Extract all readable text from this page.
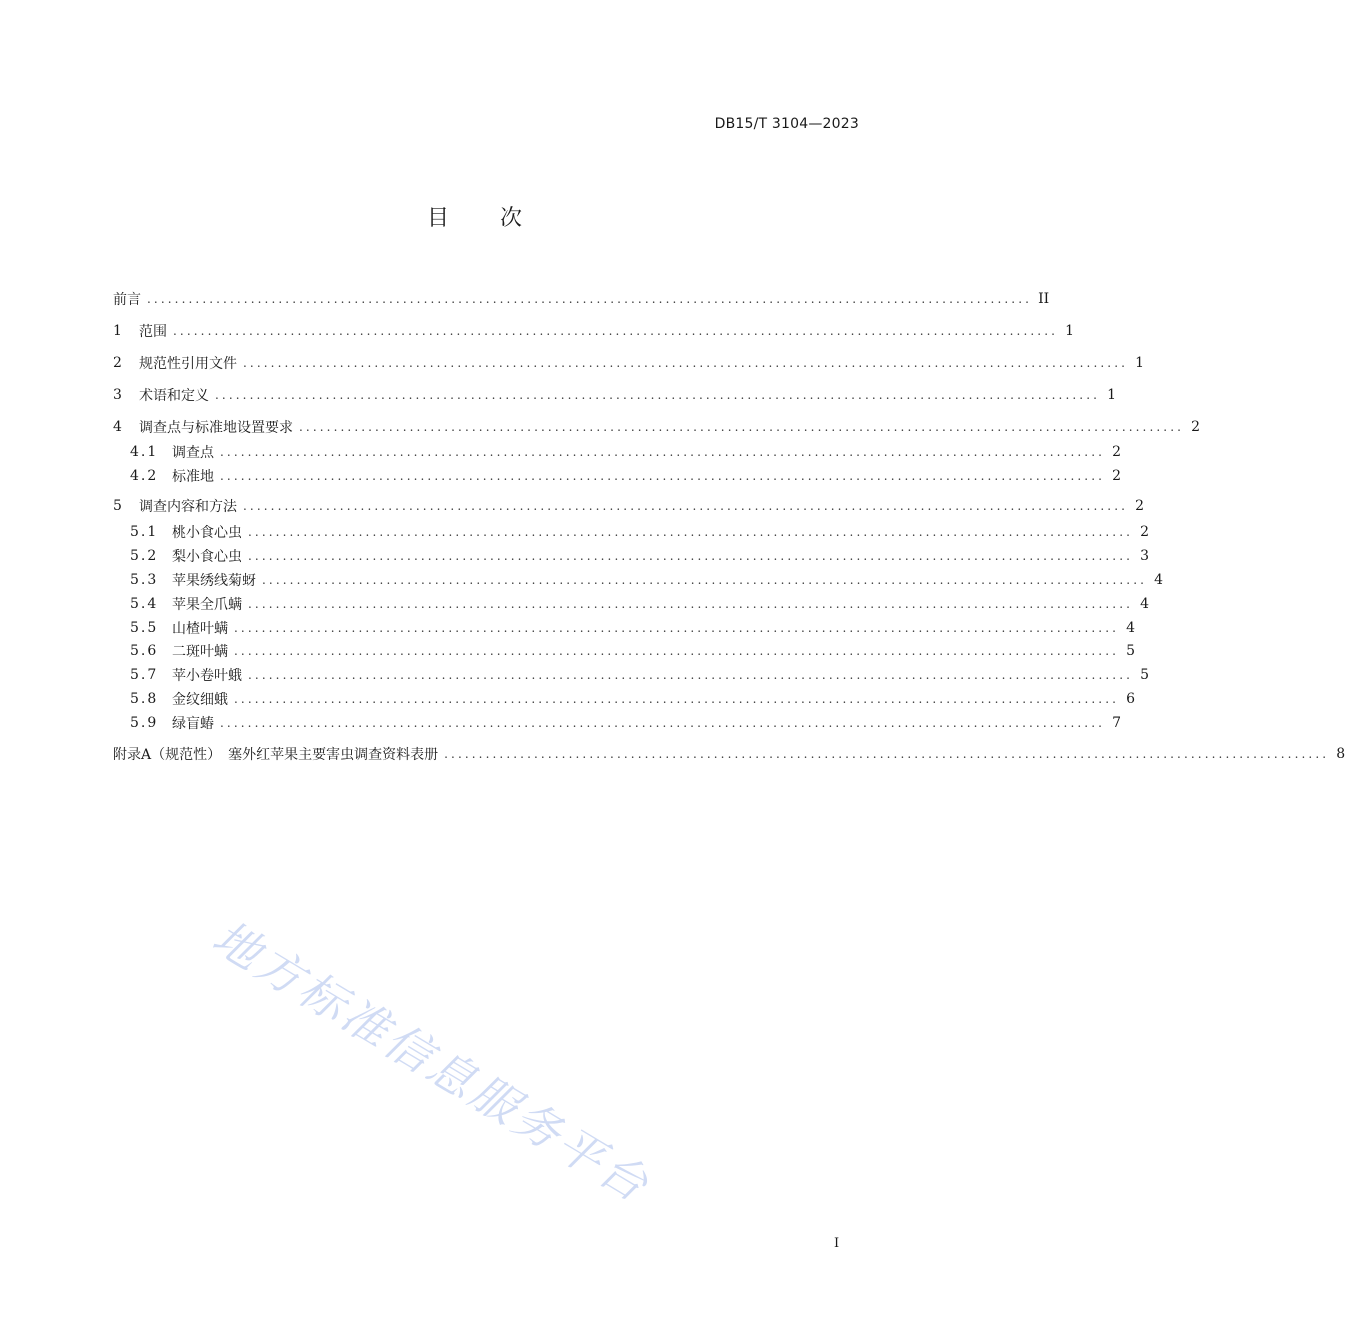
DB15/T 3104—2023
目 次
前言 ................................................................................................................................ II
1	范围 ................................................................................................................................ 1
2	规范性引用文件 ................................................................................................................................ 1
3	术语和定义 ................................................................................................................................ 1
4	调查点与标准地设置要求 ................................................................................................................................ 2
4.1 调查点 ................................................................................................................................ 2
4.2 标准地 ................................................................................................................................ 2
5	调查内容和方法 ................................................................................................................................ 2
5.1 桃小食心虫 ................................................................................................................................ 2
5.2 梨小食心虫 ................................................................................................................................ 3
5.3 苹果绣线菊蚜 ................................................................................................................................ 4
5.4 苹果全爪螨 ................................................................................................................................ 4
5.5 山楂叶螨 ................................................................................................................................ 4
5.6 二斑叶螨 ................................................................................................................................ 5
5.7 苹小卷叶蛾 ................................................................................................................................ 5
5.8 金纹细蛾 ................................................................................................................................ 6
5.9 绿盲蝽 ................................................................................................................................ 7
附录A（规范性）　塞外红苹果主要害虫调查资料表册 ................................................................................................................................ 8
地方标准信息服务平台
I
